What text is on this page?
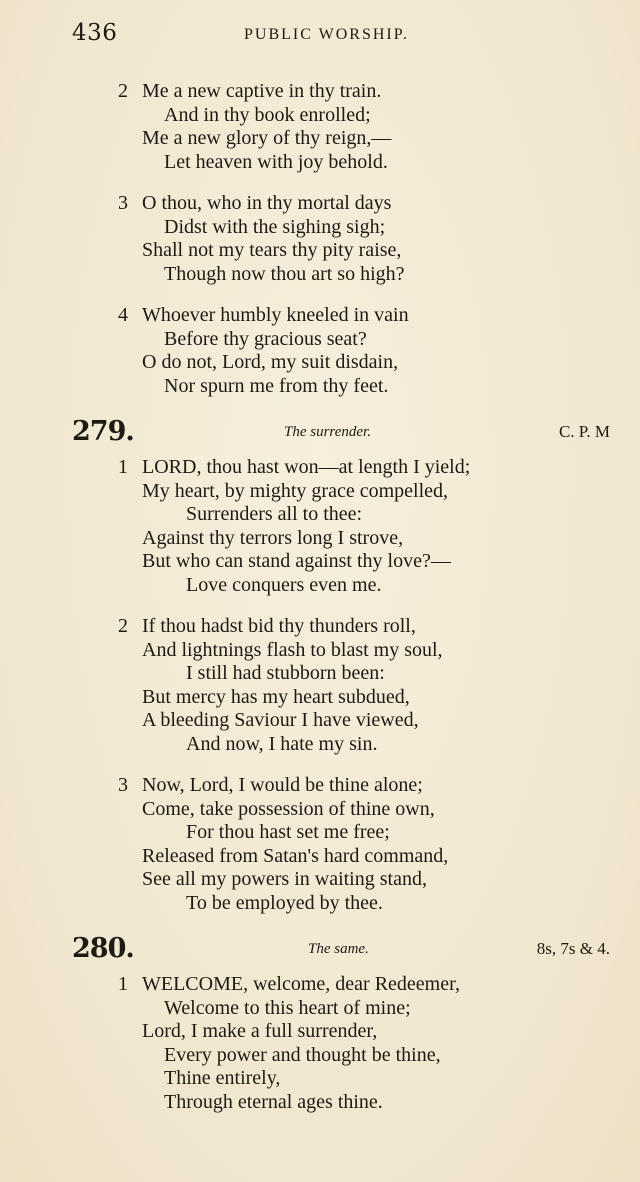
436	PUBLIC WORSHIP.
2 Me a new captive in thy train.
And in thy book enrolled;
Me a new glory of thy reign,—
Let heaven with joy behold.
3 O thou, who in thy mortal days
Didst with the sighing sigh;
Shall not my tears thy pity raise,
Though now thou art so high?
4 Whoever humbly kneeled in vain
Before thy gracious seat?
O do not, Lord, my suit disdain,
Nor spurn me from thy feet.
279.	The surrender.	C. P. M
1 LORD, thou hast won—at length I yield;
My heart, by mighty grace compelled,
Surrenders all to thee:
Against thy terrors long I strove,
But who can stand against thy love?—
Love conquers even me.
2 If thou hadst bid thy thunders roll,
And lightnings flash to blast my soul,
I still had stubborn been:
But mercy has my heart subdued,
A bleeding Saviour I have viewed,
And now, I hate my sin.
3 Now, Lord, I would be thine alone;
Come, take possession of thine own,
For thou hast set me free;
Released from Satan's hard command,
See all my powers in waiting stand,
To be employed by thee.
280.	The same.	8s, 7s & 4.
1 WELCOME, welcome, dear Redeemer,
Welcome to this heart of mine;
Lord, I make a full surrender,
Every power and thought be thine,
Thine entirely,
Through eternal ages thine.
